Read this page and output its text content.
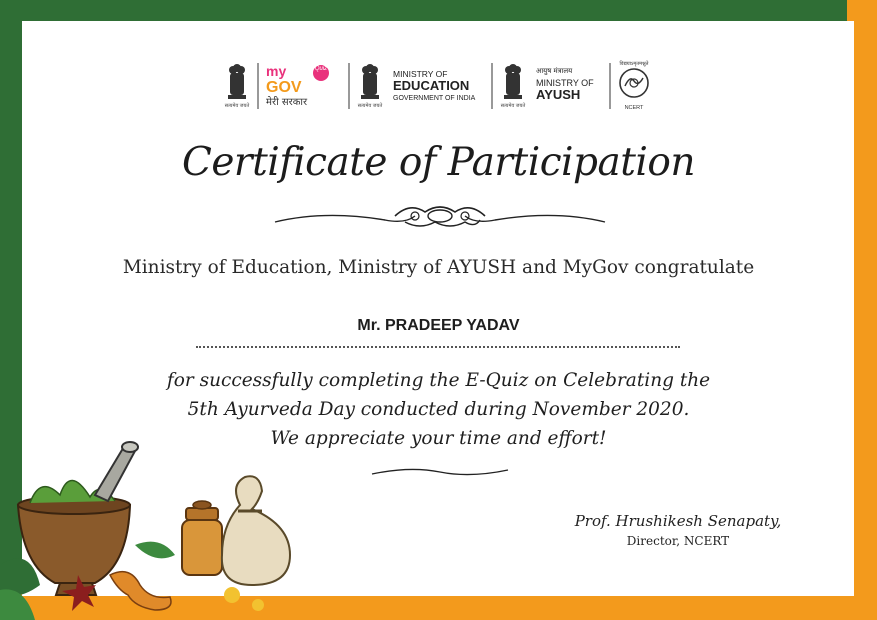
सत्यमेव जयते
my
GOV
Quiz
मेरी सरकार	सत्यमेव जयते
MINISTRY OF
EDUCATION
GOVERNMENT OF INDIA
सत्यमेव जयते
आयुष मंत्रालय
MINISTRY OF
AYUSH
विद्ययाऽमृतमश्नुते
NCERT
Certificate of Participation
Ministry of Education, Ministry of AYUSH and MyGov congratulate
Mr. PRADEEP YADAV
for successfully completing the E-Quiz on Celebrating the
5th Ayurveda Day conducted during November 2020.
We appreciate your time and effort!
Prof. Hrushikesh Senapaty,
Director, NCERT
